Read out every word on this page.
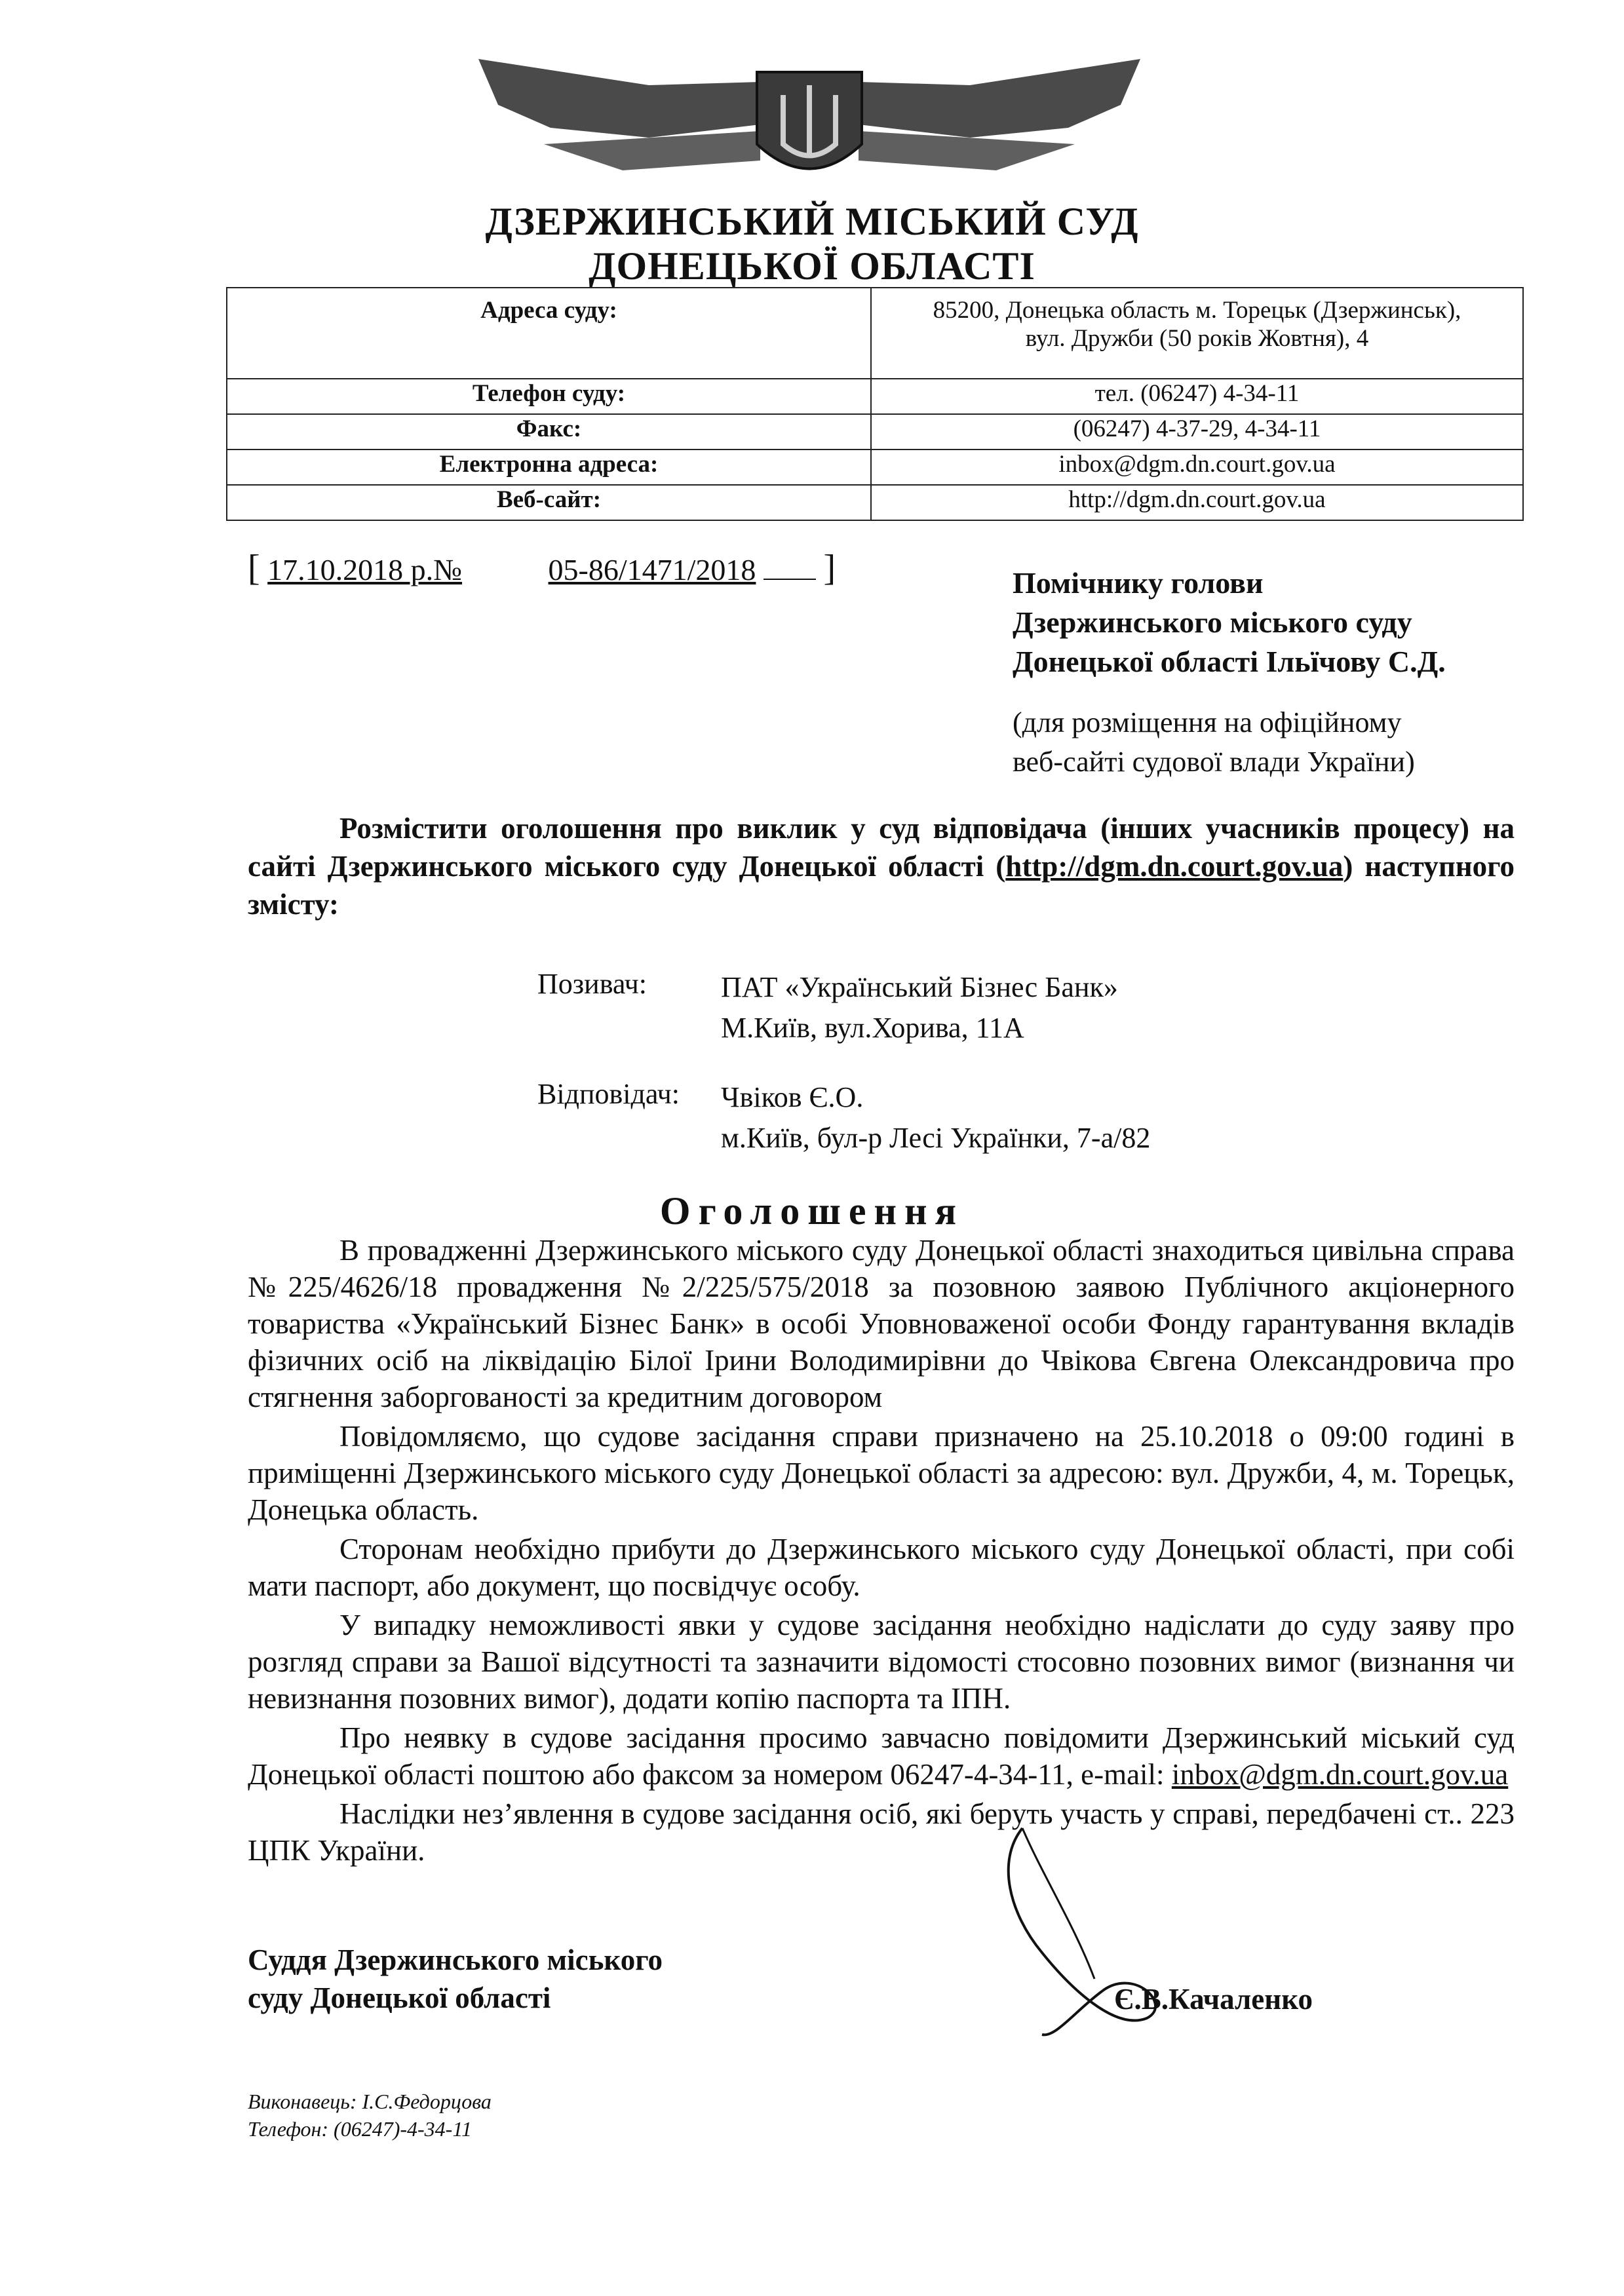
ДЗЕРЖИНСЬКИЙ МІСЬКИЙ СУД
ДОНЕЦЬКОЇ ОБЛАСТІ
Адреса суду:	85200, Донецька область м. Торецьк (Дзержинськ),
вул. Дружби (50 років Жовтня), 4

Телефон суду:	тел. (06247) 4-34-11
Факс:	(06247) 4-37-29, 4-34-11
Електронна адреса:	inbox@dgm.dn.court.gov.ua
Веб-сайт:	http://dgm.dn.court.gov.ua
[ 17.10.2018 р.№	05-86/1471/2018 ]	Помічнику голови
Дзержинського міського суду
Донецької області Ільїчову С.Д.
(для розміщення на офіційному
веб-сайті судової влади України)
Розмістити оголошення про виклик у суд відповідача (інших учасників процесу) на сайті Дзержинського міського суду Донецької області (http://dgm.dn.court.gov.ua) наступного змісту:
Позивач:	ПАТ «Український Бізнес Банк»
М.Київ, вул.Хорива, 11А
Відповідач: Чвіков Є.О.
м.Київ, бул-р Лесі Українки, 7-а/82
Оголошення

В провадженні Дзержинського міського суду Донецької області знаходиться цивільна справа №225/4626/18 провадження №2/225/575/2018 за позовною заявою Публічного акціонерного товариства «Український Бізнес Банк» в особі Уповноваженої особи Фонду гарантування вкладів фізичних осіб на ліквідацію Білої Ірини Володимирівни до Чвікова Євгена Олександровича про стягнення заборгованості за кредитним договором

Повідомляємо, що судове засідання справи призначено на 25.10.2018 о 09:00 годині в приміщенні Дзержинського міського суду Донецької області за адресою: вул. Дружби, 4, м. Торецьк, Донецька область.

Сторонам необхідно прибути до Дзержинського міського суду Донецької області, при собі мати паспорт, або документ, що посвідчує особу.

У випадку неможливості явки у судове засідання необхідно надіслати до суду заяву про розгляд справи за Вашої відсутності та зазначити відомості стосовно позовних вимог (визнання чи невизнання позовних вимог), додати копію паспорта та ІПН.

Про неявку в судове засідання просимо завчасно повідомити Дзержинський міський суд Донецької області поштою або факсом за номером 06247-4-34-11, e-mail: inbox@dgm.dn.court.gov.ua

Наслідки нез’явлення в судове засідання осіб, які беруть участь у справі, передбачені ст.. 223 ЦПК України.

Суддя Дзержинського міського
суду Донецької області	Є.В.Качаленко
Виконавець: І.С.Федорцова
Телефон: (06247)-4-34-11
